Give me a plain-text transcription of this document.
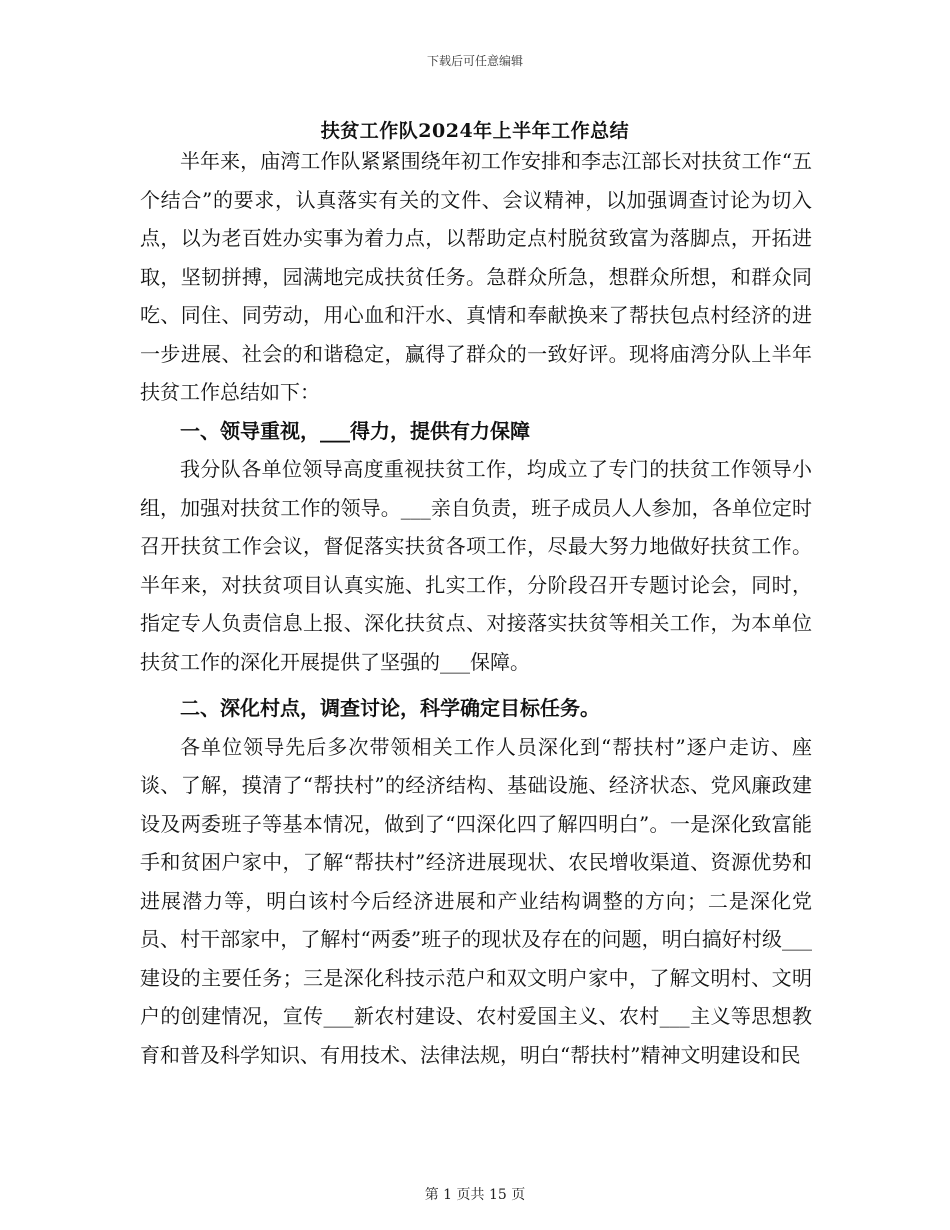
下载后可任意编辑
扶贫工作队2024年上半年工作总结

半年来，庙湾工作队紧紧围绕年初工作安排和李志江部长对扶贫工作“五个结合”的要求，认真落实有关的文件、会议精神，以加强调查讨论为切入点，以为老百姓办实事为着力点，以帮助定点村脱贫致富为落脚点，开拓进取，坚韧拼搏，园满地完成扶贫任务。急群众所急，想群众所想，和群众同吃、同住、同劳动，用心血和汗水、真情和奉献换来了帮扶包点村经济的进一步进展、社会的和谐稳定，赢得了群众的一致好评。现将庙湾分队上半年扶贫工作总结如下：

一、领导重视，___得力，提供有力保障

我分队各单位领导高度重视扶贫工作，均成立了专门的扶贫工作领导小组，加强对扶贫工作的领导。___亲自负责，班子成员人人参加，各单位定时召开扶贫工作会议，督促落实扶贫各项工作，尽最大努力地做好扶贫工作。半年来，对扶贫项目认真实施、扎实工作，分阶段召开专题讨论会，同时，指定专人负责信息上报、深化扶贫点、对接落实扶贫等相关工作，为本单位扶贫工作的深化开展提供了坚强的___保障。

二、深化村点，调查讨论，科学确定目标任务。

各单位领导先后多次带领相关工作人员深化到“帮扶村”逐户走访、座谈、了解，摸清了“帮扶村”的经济结构、基础设施、经济状态、党风廉政建设及两委班子等基本情况，做到了“四深化四了解四明白”。一是深化致富能手和贫困户家中，了解“帮扶村”经济进展现状、农民增收渠道、资源优势和进展潜力等，明白该村今后经济进展和产业结构调整的方向；二是深化党员、村干部家中，了解村“两委”班子的现状及存在的问题，明白搞好村级___建设的主要任务；三是深化科技示范户和双文明户家中，了解文明村、文明户的创建情况，宣传___新农村建设、农村爱国主义、农村___主义等思想教育和普及科学知识、有用技术、法律法规，明白“帮扶村”精神文明建设和民

第 1 页共 15 页
